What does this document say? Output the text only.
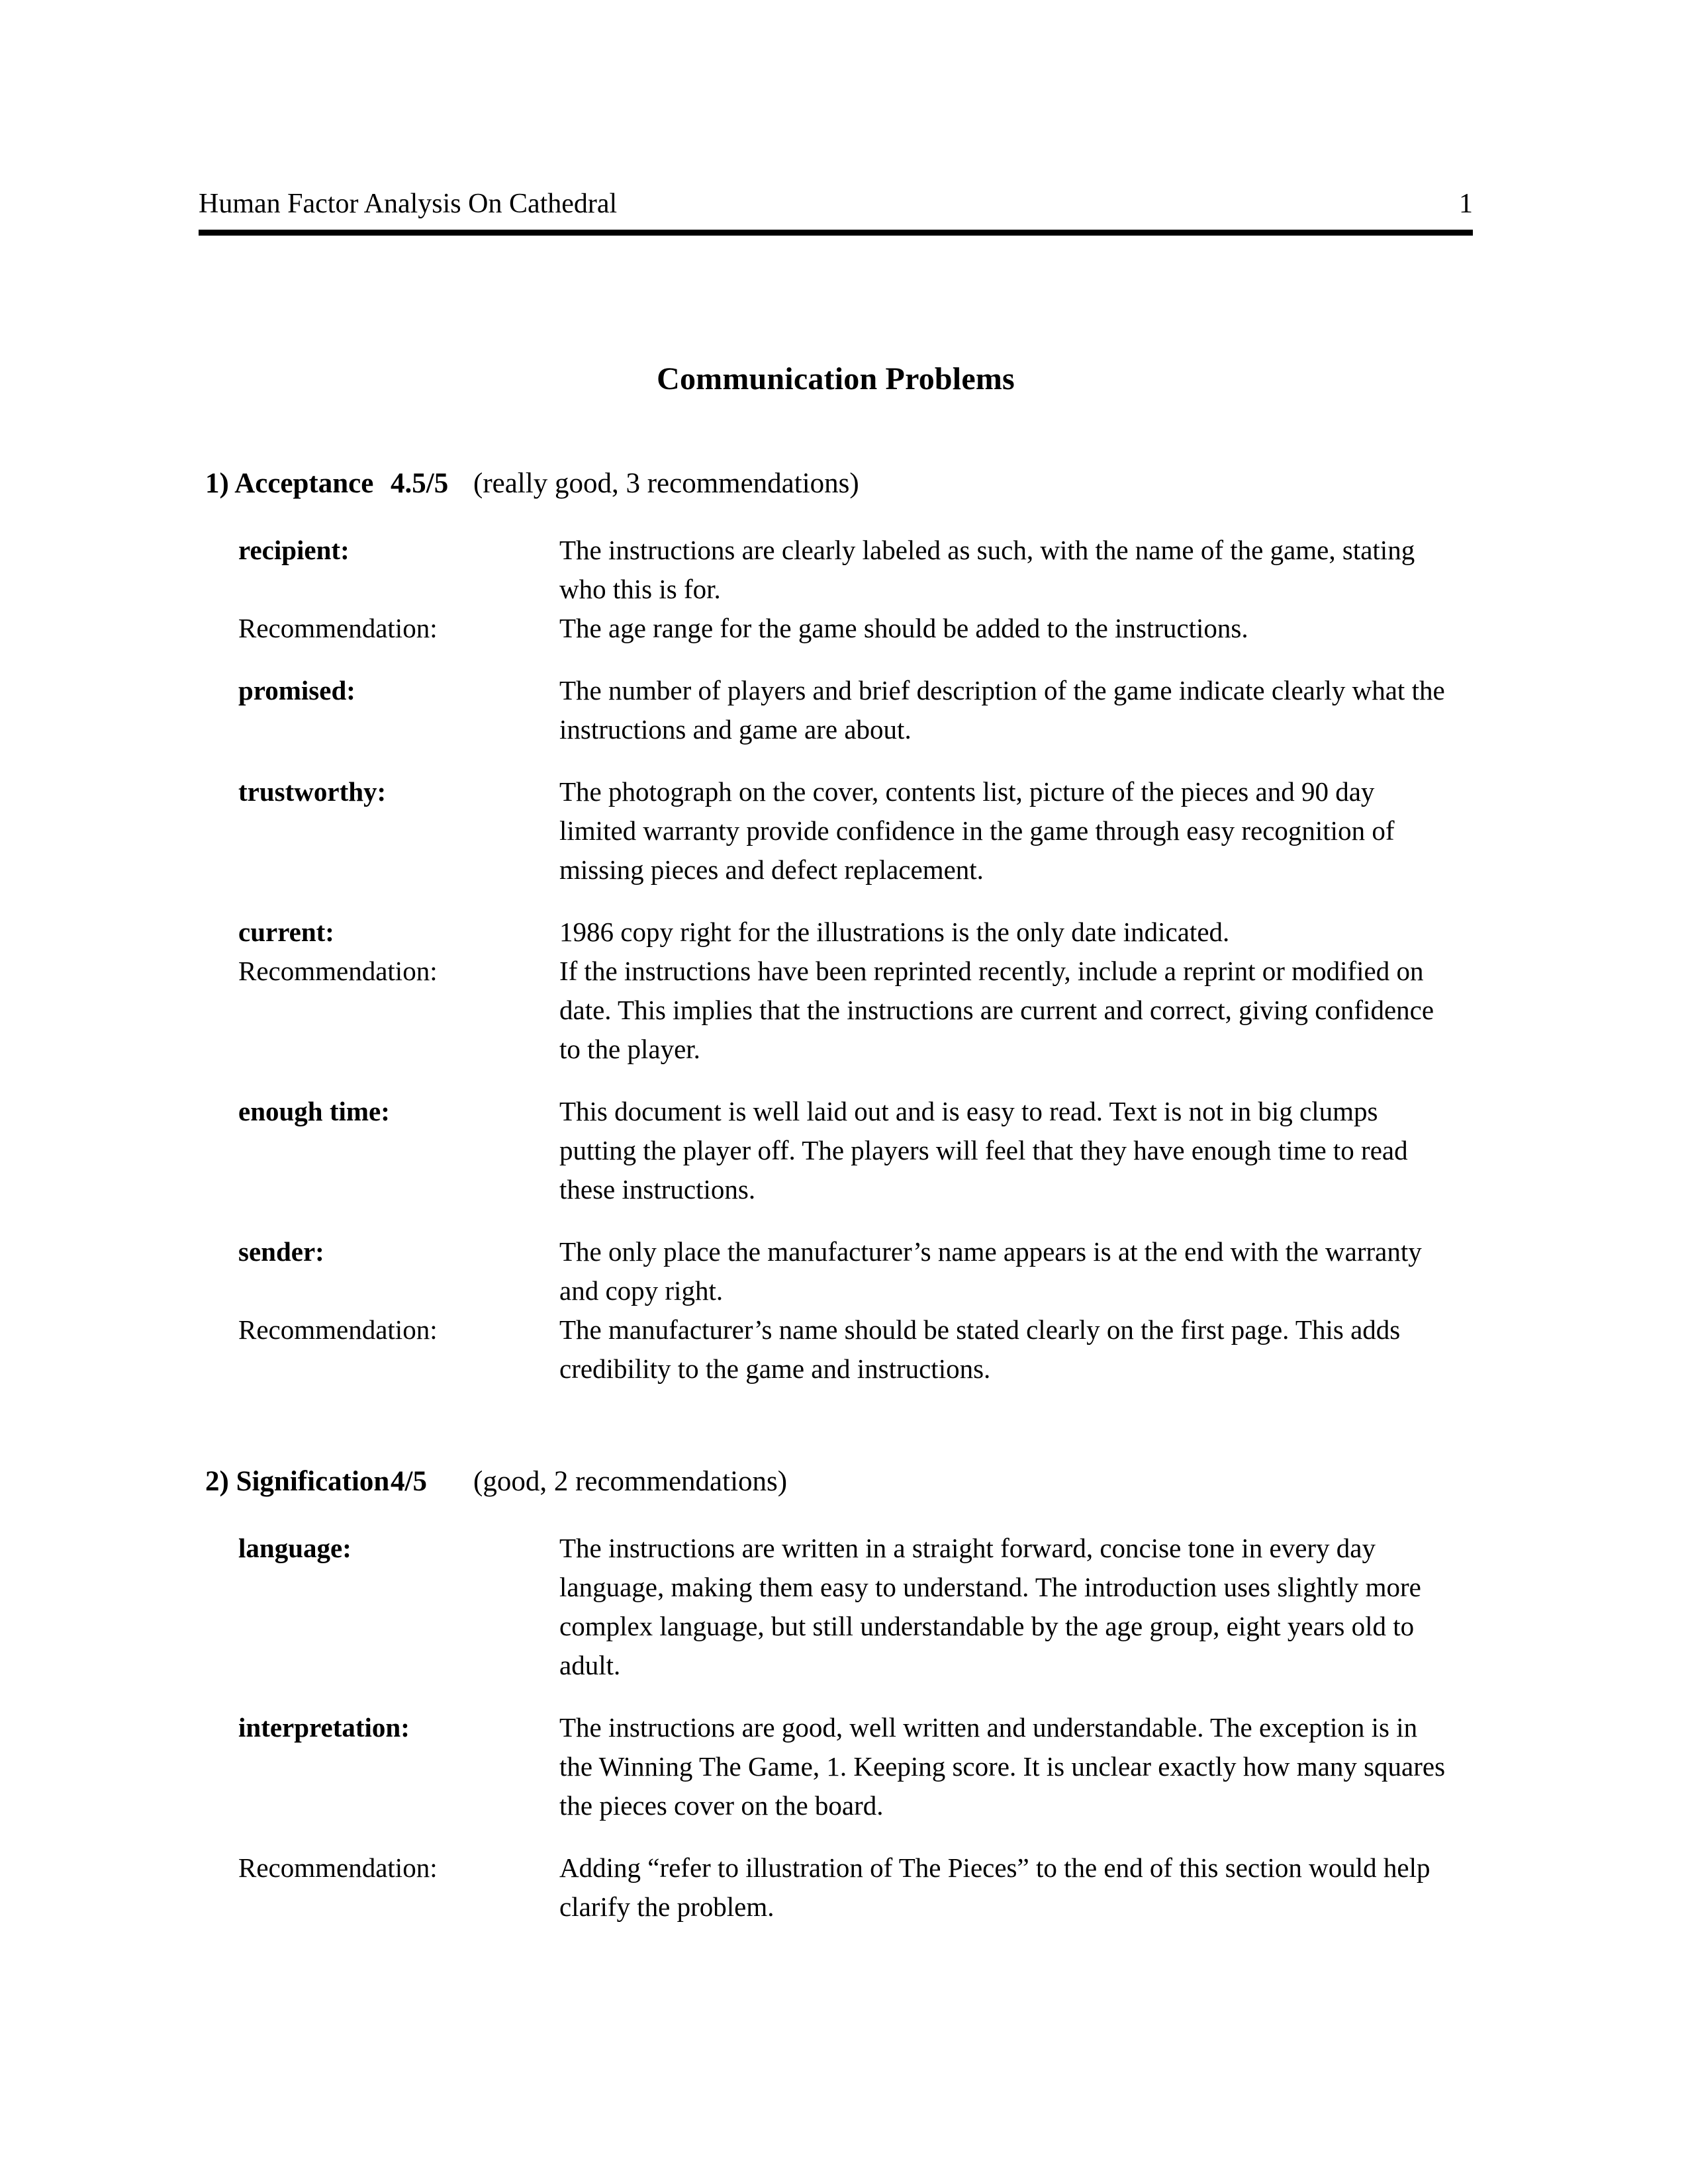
Human Factor Analysis On Cathedral	1
Communication Problems
1) Acceptance 4.5/5 (really good, 3 recommendations)
recipient:	The instructions are clearly labeled as such, with the name of the game, stating who this is for.

Recommendation:	The age range for the game should be added to the instructions.

promised:	The number of players and brief description of the game indicate clearly what the instructions and game are about.

trustworthy:	The photograph on the cover, contents list, picture of the pieces and 90 day limited warranty provide confidence in the game through easy recognition of missing pieces and defect replacement.

current:	1986 copy right for the illustrations is the only date indicated.

Recommendation:	If the instructions have been reprinted recently, include a reprint or modified on date. This implies that the instructions are current and correct, giving confidence to the player.

enough time:	This document is well laid out and is easy to read. Text is not in big clumps putting the player off. The players will feel that they have enough time to read these instructions.

sender:	The only place the manufacturer’s name appears is at the end with the warranty and copy right.

Recommendation:	The manufacturer’s name should be stated clearly on the first page. This adds credibility to the game and instructions.

2) Signification 4/5	(good, 2 recommendations)
language:	The instructions are written in a straight forward, concise tone in every day language, making them easy to understand. The introduction uses slightly more complex language, but still understandable by the age group, eight years old to adult.

interpretation:	The instructions are good, well written and understandable. The exception is in the Winning The Game, 1. Keeping score. It is unclear exactly how many squares the pieces cover on the board.

Recommendation:	Adding “refer to illustration of The Pieces” to the end of this section would help clarify the problem.
